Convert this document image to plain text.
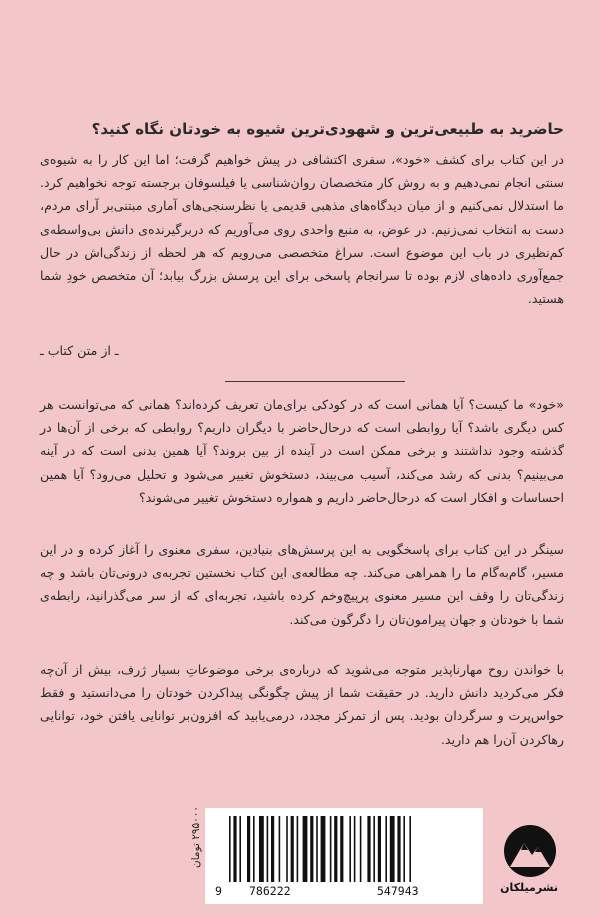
حاضرید به طبیعی‌ترین و شهودی‌ترین شیوه به خودتان نگاه کنید؟

در این کتاب برای کشف «خود»، سفری اکتشافی در پیش خواهیم گرفت؛ اما این کار را به شیوه‌ی سنتی انجام نمی‌دهیم و به روش کار متخصصان روان‌شناسی یا فیلسوفان برجسته توجه نخواهیم کرد. ما استدلال نمی‌کنیم و از میان دیدگاه‌های مذهبی قدیمی یا نظرسنجی‌های آماری مبتنی‌بر آرای مردم، دست به انتخاب نمی‌زنیم. در عوض، به منبع واحدی روی می‌آوریم که دربرگیرنده‌ی دانش بی‌واسطه‌ی کم‌نظیری در باب این موضوع است. سراغ متخصصی می‌رویم که هر لحظه از زندگی‌اش در حال جمع‌آوری داده‌های لازم بوده تا سرانجام پاسخی برای این پرسش بزرگ بیابد؛ آن متخصص خودِ شما هستید.

ـ از متن کتاب ـ

«خود» ما کیست؟ آیا همانی است که در کودکی برای‌مان تعریف کرده‌اند؟ همانی که می‌توانست هر کس دیگری باشد؟ آیا روابطی است که درحال‌حاضر با دیگران داریم؟ روابطی که برخی از آن‌ها در گذشته وجود نداشتند و برخی ممکن است در آینده از بین بروند؟ آیا همین بدنی است که در آینه می‌بینیم؟ بدنی که رشد می‌کند، آسیب می‌بیند، دستخوش تغییر می‌شود و تحلیل می‌رود؟ آیا همین احساسات و افکار است که درحال‌حاضر داریم و همواره دستخوش تغییر می‌شوند؟

سینگر در این کتاب برای پاسخگویی به این پرسش‌های بنیادین، سفری معنوی را آغاز کرده و در این مسیر، گام‌به‌گام ما را همراهی می‌کند. چه مطالعه‌ی این کتاب نخستین تجربه‌ی درونی‌تان باشد و چه زندگی‌تان را وقف این مسیر معنوی پرپیچ‌وخم کرده باشید، تجربه‌ای که از سر می‌گذرانید، رابطه‌ی شما با خودتان و جهان پیرامون‌تان را دگرگون می‌کند.

با خواندن روح مهارناپذیر متوجه می‌شوید که درباره‌ی برخی موضوعاتِ بسیار ژرف، بیش از آن‌چه فکر می‌کردید دانش دارید. در حقیقت شما از پیش چگونگی پیداکردن خودتان را می‌دانستید و فقط حواس‌پرت و سرگردان بودید. پس از تمرکز مجدد، درمی‌یابید که افزون‌بر توانایی یافتن خود، توانایی رهاکردن آن‌را هم دارید.

۲۹۵۰۰۰ تومان
9 786222	547943	نشرمیلکان
